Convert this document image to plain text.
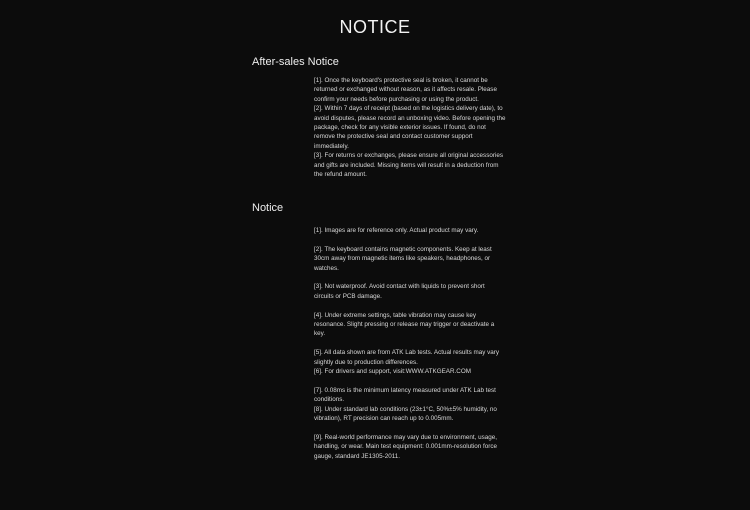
NOTICE
After-sales Notice

[1]. Once the keyboard's protective seal is broken, it cannot be returned or exchanged without reason, as it affects resale. Please confirm your needs before purchasing or using the product.

[2]. Within 7 days of receipt (based on the logistics delivery date), to avoid disputes, please record an unboxing video. Before opening the package, check for any visible exterior issues. If found, do not remove the protective seal and contact customer support immediately.

[3]. For returns or exchanges, please ensure all original accessories and gifts are included. Missing items will result in a deduction from the refund amount.

Notice

[1]. Images are for reference only. Actual product may vary.

[2]. The keyboard contains magnetic components. Keep at least 30cm away from magnetic items like speakers, headphones, or watches.

[3]. Not waterproof. Avoid contact with liquids to prevent short circuits or PCB damage.

[4]. Under extreme settings, table vibration may cause key resonance. Slight pressing or release may trigger or deactivate a key.

[5]. All data shown are from ATK Lab tests. Actual results may vary slightly due to production differences.

[6]. For drivers and support, visit:WWW.ATKGEAR.COM

[7]. 0.08ms is the minimum latency measured under ATK Lab test conditions.

[8]. Under standard lab conditions (23±1°C, 50%±5% humidity, no vibration), RT precision can reach up to 0.005mm.

[9]. Real-world performance may vary due to environment, usage, handling, or wear. Main test equipment: 0.001mm-resolution force gauge, standard JE1305-2011.
